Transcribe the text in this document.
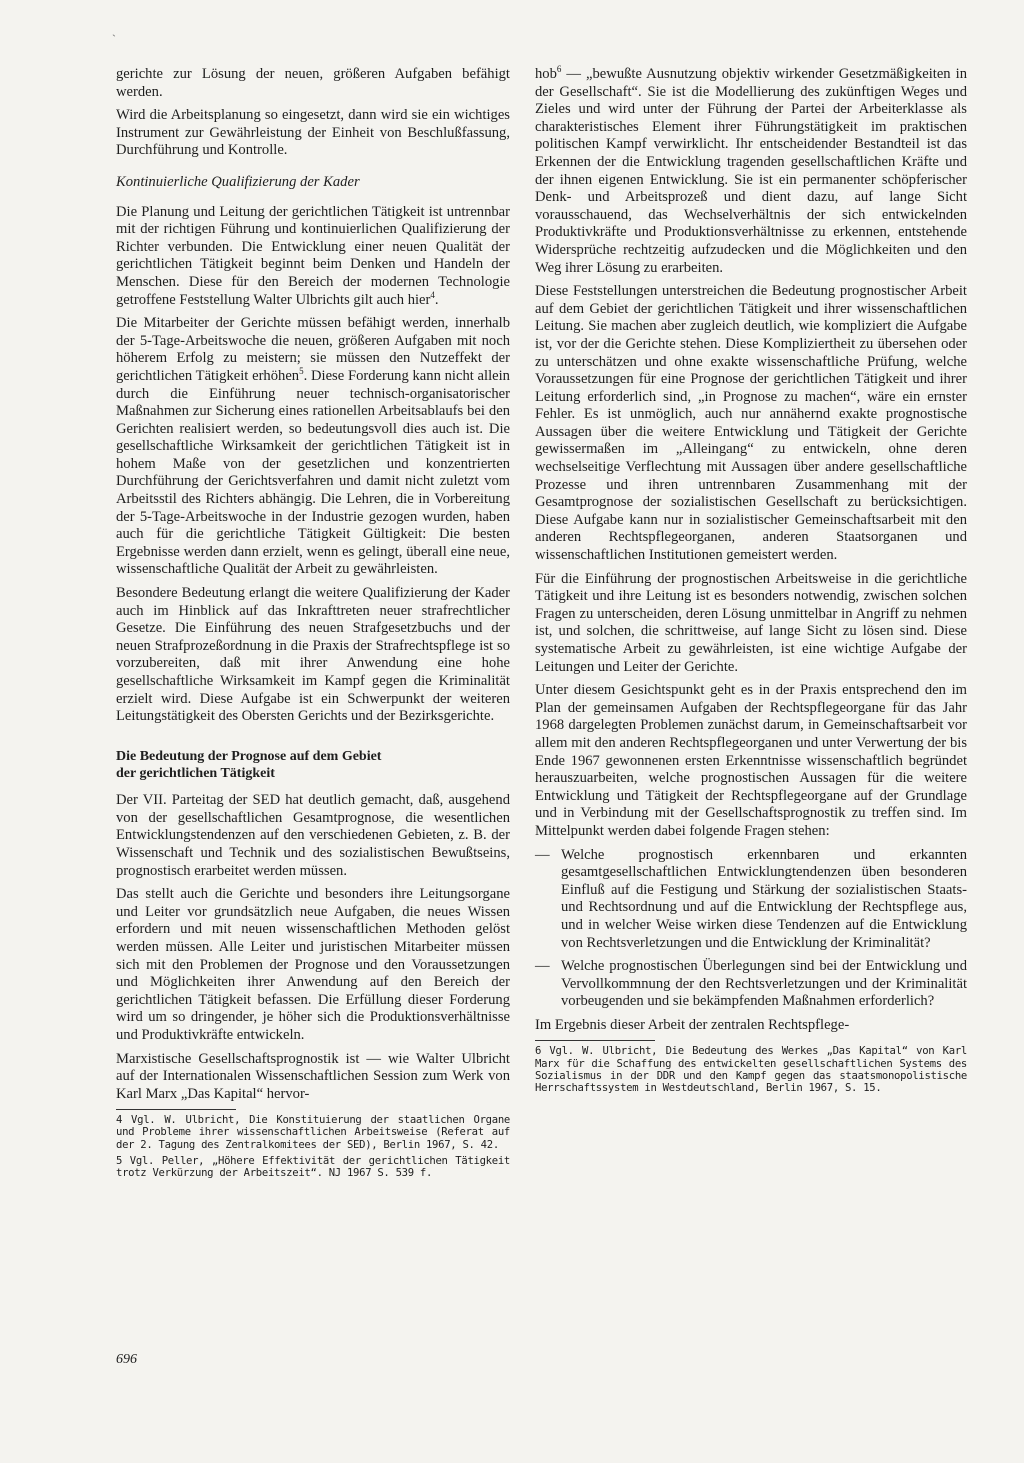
ˋ

gerichte zur Lösung der neuen, größeren Aufgaben befähigt werden.

Wird die Arbeitsplanung so eingesetzt, dann wird sie ein wichtiges Instrument zur Gewährleistung der Einheit von Beschlußfassung, Durchführung und Kontrolle.

Kontinuierliche Qualifizierung der Kader

Die Planung und Leitung der gerichtlichen Tätigkeit ist untrennbar mit der richtigen Führung und kontinuierlichen Qualifizierung der Richter verbunden. Die Entwicklung einer neuen Qualität der gerichtlichen Tätigkeit beginnt beim Denken und Handeln der Menschen. Diese für den Bereich der modernen Technologie getroffene Feststellung Walter Ulbrichts gilt auch hier$^4$.

Die Mitarbeiter der Gerichte müssen befähigt werden, innerhalb der 5-Tage-Arbeitswoche die neuen, größeren Aufgaben mit noch höherem Erfolg zu meistern; sie müssen den Nutzeffekt der gerichtlichen Tätigkeit erhöhen$^5$. Diese Forderung kann nicht allein durch die Einführung neuer technisch-organisatorischer Maßnahmen zur Sicherung eines rationellen Arbeitsablaufs bei den Gerichten realisiert werden, so bedeutungsvoll dies auch ist. Die gesellschaftliche Wirksamkeit der gerichtlichen Tätigkeit ist in hohem Maße von der gesetzlichen und konzentrierten Durchführung der Gerichtsverfahren und damit nicht zuletzt vom Arbeitsstil des Richters abhängig. Die Lehren, die in Vorbereitung der 5-Tage-Arbeitswoche in der Industrie gezogen wurden, haben auch für die gerichtliche Tätigkeit Gültigkeit: Die besten Ergebnisse werden dann erzielt, wenn es gelingt, überall eine neue, wissenschaftliche Qualität der Arbeit zu gewährleisten.

Besondere Bedeutung erlangt die weitere Qualifizierung der Kader auch im Hinblick auf das Inkrafttreten neuer strafrechtlicher Gesetze. Die Einführung des neuen Strafgesetzbuchs und der neuen Strafprozeßordnung in die Praxis der Strafrechtspflege ist so vorzubereiten, daß mit ihrer Anwendung eine hohe gesellschaftliche Wirksamkeit im Kampf gegen die Kriminalität erzielt wird. Diese Aufgabe ist ein Schwerpunkt der weiteren Leitungstätigkeit des Obersten Gerichts und der Bezirksgerichte.

Die Bedeutung der Prognose auf dem Gebiet
der gerichtlichen Tätigkeit

Der VII. Parteitag der SED hat deutlich gemacht, daß, ausgehend von der gesellschaftlichen Gesamtprognose, die wesentlichen Entwicklungstendenzen auf den verschiedenen Gebieten, z. B. der Wissenschaft und Technik und des sozialistischen Bewußtseins, prognostisch erarbeitet werden müssen.

Das stellt auch die Gerichte und besonders ihre Leitungsorgane und Leiter vor grundsätzlich neue Aufgaben, die neues Wissen erfordern und mit neuen wissenschaftlichen Methoden gelöst werden müssen. Alle Leiter und juristischen Mitarbeiter müssen sich mit den Problemen der Prognose und den Voraussetzungen und Möglichkeiten ihrer Anwendung auf den Bereich der gerichtlichen Tätigkeit befassen. Die Erfüllung dieser Forderung wird um so dringender, je höher sich die Produktionsverhältnisse und Produktivkräfte entwickeln.

Marxistische Gesellschaftsprognostik ist — wie Walter Ulbricht auf der Internationalen Wissenschaftlichen Session zum Werk von Karl Marx „Das Kapital“ hervor-

4 Vgl. W. Ulbricht, Die Konstituierung der staatlichen Organe und Probleme ihrer wissenschaftlichen Arbeitsweise (Referat auf der 2. Tagung des Zentralkomitees der SED), Berlin 1967, S. 42.
5 Vgl. Peller, „Höhere Effektivität der gerichtlichen Tätigkeit trotz Verkürzung der Arbeitszeit“. NJ 1967 S. 539 f.

hob$^6$ — „bewußte Ausnutzung objektiv wirkender Gesetzmäßigkeiten in der Gesellschaft“. Sie ist die Modellierung des zukünftigen Weges und Zieles und wird unter der Führung der Partei der Arbeiterklasse als charakteristisches Element ihrer Führungstätigkeit im praktischen politischen Kampf verwirklicht. Ihr entscheidender Bestandteil ist das Erkennen der die Entwicklung tragenden gesellschaftlichen Kräfte und der ihnen eigenen Entwicklung. Sie ist ein permanenter schöpferischer Denk- und Arbeitsprozeß und dient dazu, auf lange Sicht vorausschauend, das Wechselverhältnis der sich entwickelnden Produktivkräfte und Produktionsverhältnisse zu erkennen, entstehende Widersprüche rechtzeitig aufzudecken und die Möglichkeiten und den Weg ihrer Lösung zu erarbeiten.

Diese Feststellungen unterstreichen die Bedeutung prognostischer Arbeit auf dem Gebiet der gerichtlichen Tätigkeit und ihrer wissenschaftlichen Leitung. Sie machen aber zugleich deutlich, wie kompliziert die Aufgabe ist, vor der die Gerichte stehen. Diese Kompliziertheit zu übersehen oder zu unterschätzen und ohne exakte wissenschaftliche Prüfung, welche Voraussetzungen für eine Prognose der gerichtlichen Tätigkeit und ihrer Leitung erforderlich sind, „in Prognose zu machen“, wäre ein ernster Fehler. Es ist unmöglich, auch nur annähernd exakte prognostische Aussagen über die weitere Entwicklung und Tätigkeit der Gerichte gewissermaßen im „Alleingang“ zu entwickeln, ohne deren wechselseitige Verflechtung mit Aussagen über andere gesellschaftliche Prozesse und ihren untrennbaren Zusammenhang mit der Gesamtprognose der sozialistischen Gesellschaft zu berücksichtigen. Diese Aufgabe kann nur in sozialistischer Gemeinschaftsarbeit mit den anderen Rechtspflegeorganen, anderen Staatsorganen und wissenschaftlichen Institutionen gemeistert werden.

Für die Einführung der prognostischen Arbeitsweise in die gerichtliche Tätigkeit und ihre Leitung ist es besonders notwendig, zwischen solchen Fragen zu unterscheiden, deren Lösung unmittelbar in Angriff zu nehmen ist, und solchen, die schrittweise, auf lange Sicht zu lösen sind. Diese systematische Arbeit zu gewährleisten, ist eine wichtige Aufgabe der Leitungen und Leiter der Gerichte.

Unter diesem Gesichtspunkt geht es in der Praxis entsprechend den im Plan der gemeinsamen Aufgaben der Rechtspflegeorgane für das Jahr 1968 dargelegten Problemen zunächst darum, in Gemeinschaftsarbeit vor allem mit den anderen Rechtspflegeorganen und unter Verwertung der bis Ende 1967 gewonnenen ersten Erkenntnisse wissenschaftlich begründet herauszuarbeiten, welche prognostischen Aussagen für die weitere Entwicklung und Tätigkeit der Rechtspflegeorgane auf der Grundlage und in Verbindung mit der Gesellschaftsprognostik zu treffen sind. Im Mittelpunkt werden dabei folgende Fragen stehen:

— Welche prognostisch erkennbaren und erkannten gesamtgesellschaftlichen Entwicklungtendenzen üben besonderen Einfluß auf die Festigung und Stärkung der sozialistischen Staats- und Rechtsordnung und auf die Entwicklung der Rechtspflege aus, und in welcher Weise wirken diese Tendenzen auf die Entwicklung von Rechtsverletzungen und die Entwicklung der Kriminalität?

— Welche prognostischen Überlegungen sind bei der Entwicklung und Vervollkommnung der den Rechtsverletzungen und der Kriminalität vorbeugenden und sie bekämpfenden Maßnahmen erforderlich?

Im Ergebnis dieser Arbeit der zentralen Rechtspflege-

6 Vgl. W. Ulbricht, Die Bedeutung des Werkes „Das Kapital“ von Karl Marx für die Schaffung des entwickelten gesellschaftlichen Systems des Sozialismus in der DDR und den Kampf gegen das staatsmonopolistische Herrschaftssystem in Westdeutschland, Berlin 1967, S. 15.
696
